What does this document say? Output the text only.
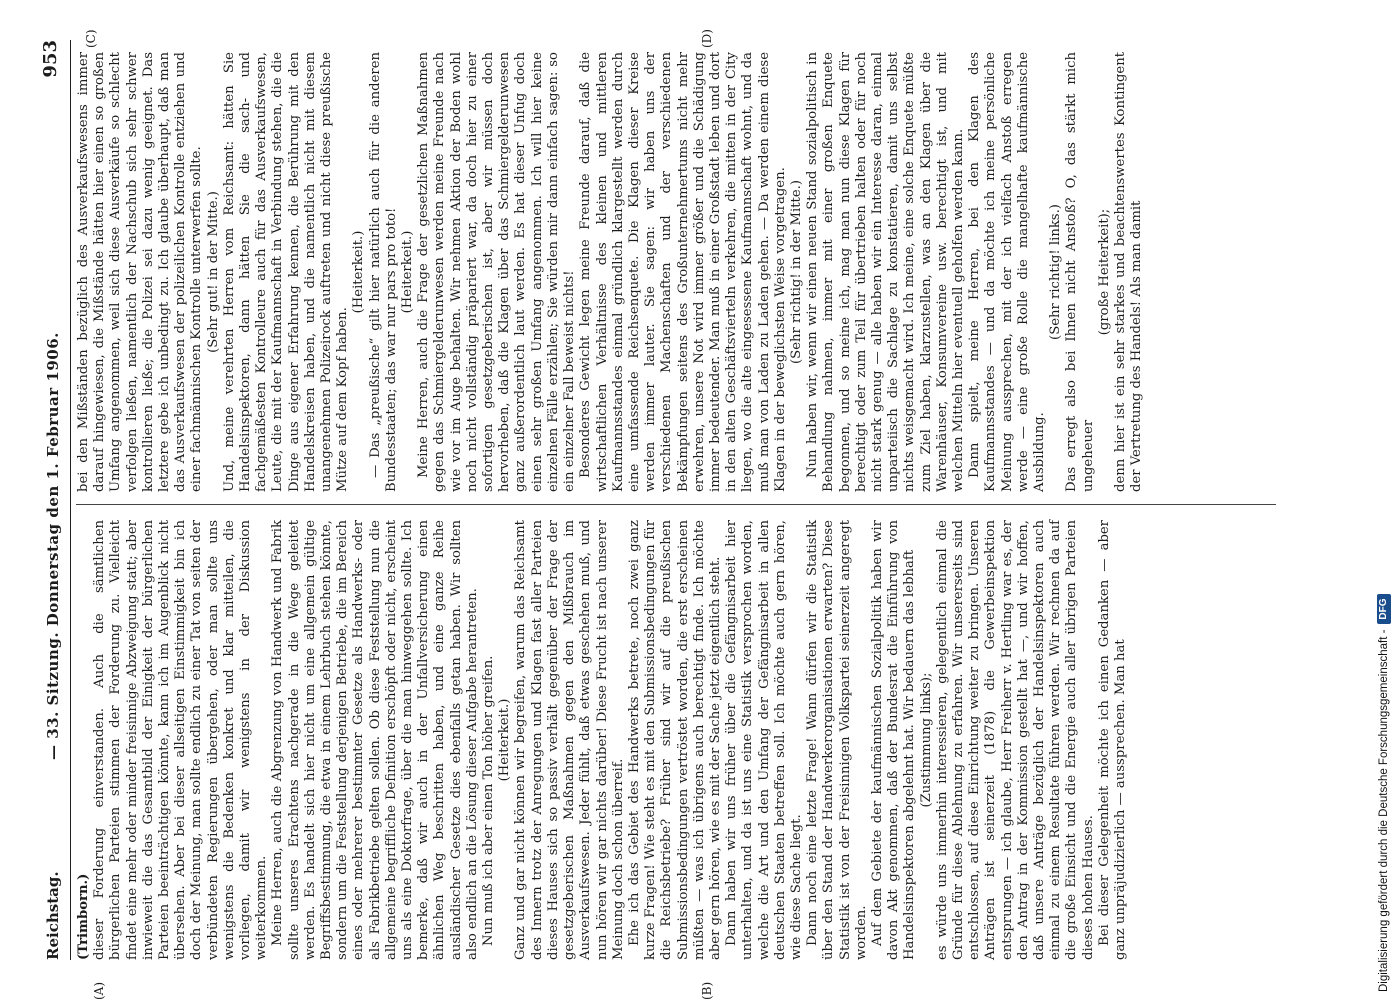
Reichstag.
— 33. Sitzung. Donnerstag den 1. Februar 1906.
953
(A)	(B)
(C)	(D)

(Trimborn.) dieser Forderung einverstanden. Auch die sämtlichen bürgerlichen Parteien stimmen der Forderung zu. Vielleicht findet eine mehr oder minder freisinnige Abzweigung statt; aber inwieweit die das Gesamtbild der Einigkeit der bürgerlichen Parteien beeinträchtigen könnte, kann ich im Augenblick nicht übersehen. Aber bei dieser allseitigen Einstimmigkeit bin ich doch der Meinung, man sollte endlich zu einer Tat von seiten der verbündeten Regierungen übergehen, oder man sollte uns wenigstens die Bedenken konkret und klar mitteilen, die vorliegen, damit wir wenigstens in der Diskussion weiterkommen. Meine Herren, auch die Abgrenzung von Handwerk und Fabrik sollte unseres Erachtens nachgerade in die Wege geleitet werden. Es handelt sich hier nicht um eine allgemein gültige Begriffsbestimmung, die etwa in einem Lehrbuch stehen könnte, sondern um die Feststellung derjenigen Betriebe, die im Bereich eines oder mehrerer bestimmter Gesetze als Handwerks- oder als Fabrikbetriebe gelten sollen. Ob diese Feststellung nun die allgemeine begriffliche Definition erschöpft oder nicht, erscheint uns als eine Doktorfrage, über die man hinweggehen sollte. Ich bemerke, daß wir auch in der Unfallversicherung einen ähnlichen Weg beschritten haben, und eine ganze Reihe ausländischer Gesetze dies ebenfalls getan haben. Wir sollten also endlich an die Lösung dieser Aufgabe herantreten. Nun muß ich aber einen Ton höher greifen. (Heiterkeit.) Ganz und gar nicht können wir begreifen, warum das Reichsamt des Innern trotz der Anregungen und Klagen fast aller Parteien dieses Hauses sich so passiv verhält gegenüber der Frage der gesetzgeberischen Maßnahmen gegen den Mißbrauch im Ausverkaufswesen. Jeder fühlt, daß etwas geschehen muß, und nun hören wir gar nichts darüber! Diese Frucht ist nach unserer Meinung doch schon überreif. Ehe ich das Gebiet des Handwerks betrete, noch zwei ganz kurze Fragen! Wie steht es mit den Submissionsbedingungen für die Reichsbetriebe? Früher sind wir auf die preußischen Submissionsbedingungen vertröstet worden, die erst erscheinen müßten — was ich übrigens auch berechtigt finde. Ich möchte aber gern hören, wie es mit der Sache jetzt eigentlich steht. Dann haben wir uns früher über die Gefängnisarbeit hier unterhalten, und da ist uns eine Statistik versprochen worden, welche die Art und den Umfang der Gefängnisarbeit in allen deutschen Staaten betreffen soll. Ich möchte auch gern hören, wie diese Sache liegt. Dann noch eine letzte Frage! Wann dürfen wir die Statistik über den Stand der Handwerkerorganisationen erwarten? Diese Statistik ist von der Freisinnigen Volkspartei seinerzeit angeregt worden. Auf dem Gebiete der kaufmännischen Sozialpolitik haben wir davon Akt genommen, daß der Bundesrat die Einführung von Handelsinspektoren abgelehnt hat. Wir bedauern das lebhaft (Zustimmung links); es würde uns immerhin interessieren, gelegentlich einmal die Gründe für diese Ablehnung zu erfahren. Wir unsererseits sind entschlossen, auf diese Einrichtung weiter zu bringen. Unseren Anträgen ist seinerzeit (1878) die Gewerbeinspektion entsprungen — ich glaube, Herr Freiherr v. Hertling war es, der den Antrag in der Kommission gestellt hat —, und wir hoffen, daß unsere Anträge bezüglich der Handelsinspektoren auch einmal zu einem Resultate führen werden. Wir rechnen da auf die große Einsicht und die Energie auch aller übrigen Parteien dieses hohen Hauses. Bei dieser Gelegenheit möchte ich einen Gedanken — aber ganz unpräjudizierlich — aussprechen. Man hat

bei den Mißständen bezüglich des Ausverkaufswesens immer darauf hingewiesen, die Mißstände hätten hier einen so großen Umfang angenommen, weil sich diese Ausverkäufe so schlecht verfolgen ließen, namentlich der Nachschub sich sehr schwer kontrollieren ließe; die Polizei sei dazu wenig geeignet. Das letztere gebe ich unbedingt zu. Ich glaube überhaupt, daß man das Ausverkaufswesen der polizeilichen Kontrolle entziehen und einer fachmännischen Kontrolle unterwerfen sollte. (Sehr gut! in der Mitte.) Und, meine verehrten Herren vom Reichsamt: hätten Sie Handelsinspektoren, dann hätten Sie die sach- und fachgemäßesten Kontrolleure auch für das Ausverkaufswesen, Leute, die mit der Kaufmannschaft in Verbindung stehen, die die Dinge aus eigener Erfahrung kennen, die Berührung mit den Handelskreisen haben, und die namentlich nicht mit diesem unangenehmen Polizeirock auftreten und nicht diese preußische Mütze auf dem Kopf haben.

(Heiterkeit.) — Das „preußische“ gilt hier natürlich auch für die anderen Bundesstaaten; das war nur pars pro toto! (Heiterkeit.) Meine Herren, auch die Frage der gesetzlichen Maßnahmen gegen das Schmiergelderunwesen werden meine Freunde nach wie vor im Auge behalten. Wir nehmen Aktion der Boden wohl noch nicht vollständig präpariert war, da doch hier zu einer sofortigen gesetzgeberischen ist, aber wir müssen doch hervorheben, daß die Klagen über das Schmiergelderunwesen ganz außerordentlich laut werden. Es hat dieser Unfug doch einen sehr großen Umfang angenommen. Ich will hier keine einzelnen Fälle erzählen; Sie würden mir dann einfach sagen: so ein einzelner Fall beweist nichts! Besonderes Gewicht legen meine Freunde darauf, daß die wirtschaftlichen Verhältnisse des kleinen und mittleren Kaufmannsstandes einmal gründlich klargestellt werden durch eine umfassende Reichsenquete. Die Klagen dieser Kreise werden immer lauter. Sie sagen: wir haben uns der verschiedenen Machenschaften und der verschiedenen Bekämpfungen seitens des Großunternehmertums nicht mehr erwehren, unsere Not wird immer größer und die Schädigung immer bedeutender. Man muß in einer Großstadt leben und dort in den alten Geschäftsvierteln verkehren, die mitten in der City liegen, wo die alte eingesessene Kaufmannschaft wohnt, und da muß man von Laden zu Laden gehen. — Da werden einem diese Klagen in der beweglichsten Weise vorgetragen. (Sehr richtig! in der Mitte.) Nun haben wir, wenn wir einen neuen Stand sozialpolitisch in Behandlung nahmen, immer mit einer großen Enquete begonnen, und so meine ich, mag man nun diese Klagen für berechtigt oder zum Teil für übertrieben halten oder für noch nicht stark genug — alle haben wir ein Interesse daran, einmal unparteiisch die Sachlage zu konstatieren, damit uns selbst nichts weisgemacht wird. Ich meine, eine solche Enquete müßte zum Ziel haben, klarzustellen, was an den Klagen über die Warenhäuser, Konsumvereine usw. berechtigt ist, und mit welchen Mitteln hier eventuell geholfen werden kann. Dann spielt, meine Herren, bei den Klagen des Kaufmannsstandes — und da möchte ich meine persönliche Meinung aussprechen, mit der ich vielfach Anstoß erregen werde — eine große Rolle die mangelhafte kaufmännische Ausbildung.

(Sehr richtig! links.) Das erregt also bei Ihnen nicht Anstoß? O, das stärkt mich ungeheuer

(große Heiterkeit); denn hier ist ein sehr starkes und beachtenswertes Kontingent der Vertretung des Handels! Als man damit

Digitalisierung gefördert durch die Deutsche Forschungsgemeinschaft -DFG
